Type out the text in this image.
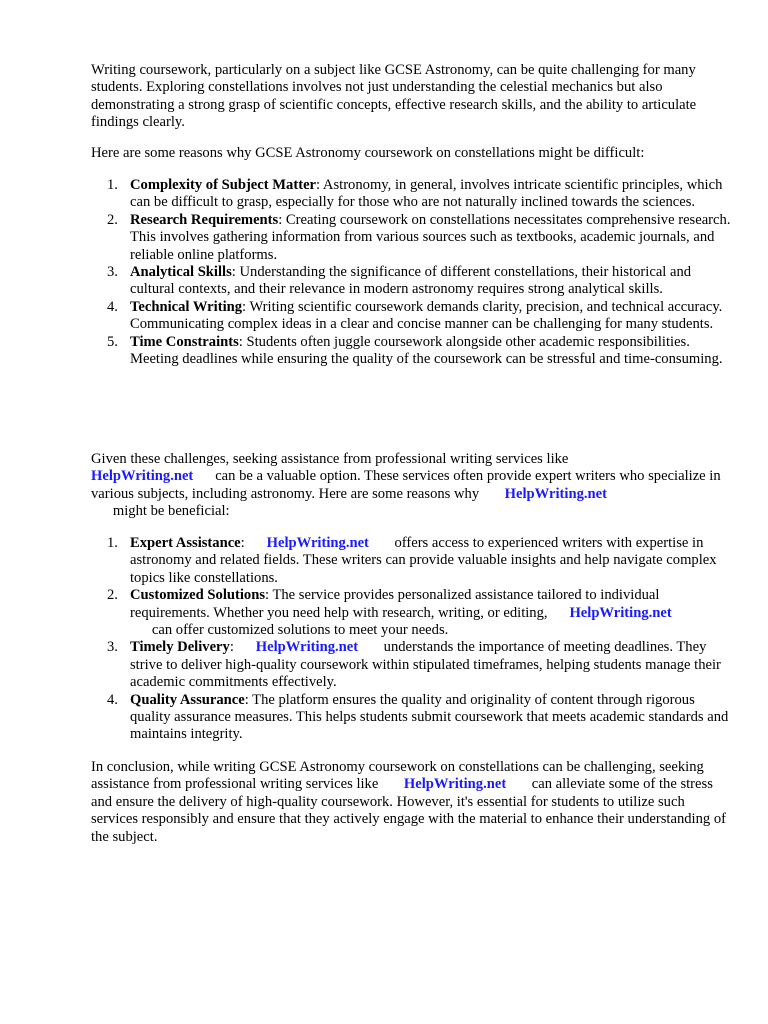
Writing coursework, particularly on a subject like GCSE Astronomy, can be quite challenging for many students. Exploring constellations involves not just understanding the celestial mechanics but also demonstrating a strong grasp of scientific concepts, effective research skills, and the ability to articulate findings clearly.

Here are some reasons why GCSE Astronomy coursework on constellations might be difficult:

1. Complexity of Subject Matter: Astronomy, in general, involves intricate scientific principles, which can be difficult to grasp, especially for those who are not naturally inclined towards the sciences.
2. Research Requirements: Creating coursework on constellations necessitates comprehensive research. This involves gathering information from various sources such as textbooks, academic journals, and reliable online platforms.
3. Analytical Skills: Understanding the significance of different constellations, their historical and cultural contexts, and their relevance in modern astronomy requires strong analytical skills.
4. Technical Writing: Writing scientific coursework demands clarity, precision, and technical accuracy. Communicating complex ideas in a clear and concise manner can be challenging for many students.
5. Time Constraints: Students often juggle coursework alongside other academic responsibilities. Meeting deadlines while ensuring the quality of the coursework can be stressful and time-consuming.

Given these challenges, seeking assistance from professional writing services like
HelpWriting.net can be a valuable option. These services often provide expert writers who specialize in various subjects, including astronomy. Here are some reasons why HelpWriting.net
might be beneficial:

1. Expert Assistance: HelpWriting.net offers access to experienced writers with expertise in astronomy and related fields. These writers can provide valuable insights and help navigate complex topics like constellations.
2. Customized Solutions: The service provides personalized assistance tailored to individual requirements. Whether you need help with research, writing, or editing, HelpWriting.net
can offer customized solutions to meet your needs.
3. Timely Delivery: HelpWriting.net understands the importance of meeting deadlines. They strive to deliver high-quality coursework within stipulated timeframes, helping students manage their academic commitments effectively.
4. Quality Assurance: The platform ensures the quality and originality of content through rigorous quality assurance measures. This helps students submit coursework that meets academic standards and maintains integrity.

In conclusion, while writing GCSE Astronomy coursework on constellations can be challenging, seeking assistance from professional writing services like HelpWriting.net can alleviate some of the stress and ensure the delivery of high-quality coursework. However, it's essential for students to utilize such services responsibly and ensure that they actively engage with the material to enhance their understanding of the subject.
